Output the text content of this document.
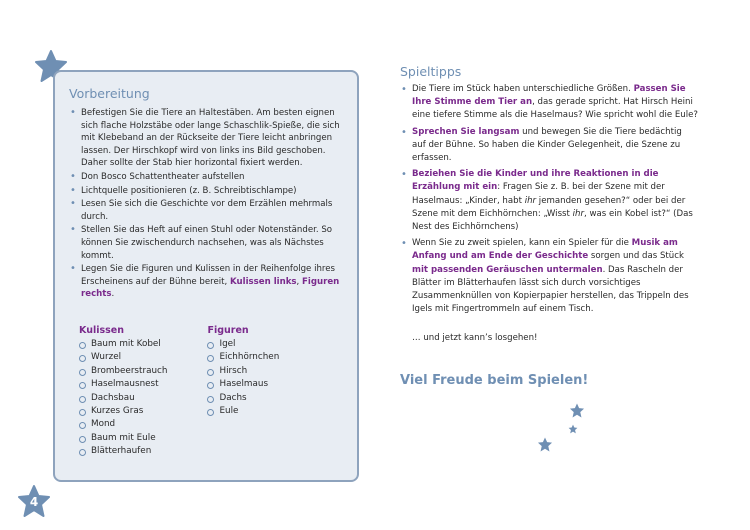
Vorbereitung
• Befestigen Sie die Tiere an Haltestäben. Am besten eignen sich flache Holzstäbe oder lange Schaschlik-Spieße, die sich mit Klebeband an der Rückseite der Tiere leicht anbringen lassen. Der Hirschkopf wird von links ins Bild geschoben. Daher sollte der Stab hier horizontal fixiert werden.
• Don Bosco Schattentheater aufstellen
• Lichtquelle positionieren (z. B. Schreibtischlampe)
• Lesen Sie sich die Geschichte vor dem Erzählen mehrmals durch.
• Stellen Sie das Heft auf einen Stuhl oder Notenständer. So können Sie zwischendurch nachsehen, was als Nächstes kommt.
• Legen Sie die Figuren und Kulissen in der Reihenfolge ihres Erscheinens auf der Bühne bereit, Kulissen links, Figuren rechts.
Kulissen
Baum mit Kobel
Wurzel
Brombeerstrauch
Haselmausnest
Dachsbau
Kurzes Gras
Mond
Baum mit Eule
Blätterhaufen
Figuren
Igel
Eichhörnchen
Hirsch
Haselmaus
Dachs
Eule
Spieltipps
• Die Tiere im Stück haben unterschiedliche Größen. Passen Sie Ihre Stimme dem Tier an, das gerade spricht. Hat Hirsch Heini eine tiefere Stimme als die Haselmaus? Wie spricht wohl die Eule?
• Sprechen Sie langsam und bewegen Sie die Tiere bedächtig auf der Bühne. So haben die Kinder Gelegenheit, die Szene zu erfassen.
• Beziehen Sie die Kinder und ihre Reaktionen in die Erzählung mit ein: Fragen Sie z. B. bei der Szene mit der Haselmaus: „Kinder, habt ihr jemanden gesehen?“ oder bei der Szene mit dem Eichhörnchen: „Wisst ihr, was ein Kobel ist?“ (Das Nest des Eichhörnchens)
• Wenn Sie zu zweit spielen, kann ein Spieler für die Musik am Anfang und am Ende der Geschichte sorgen und das Stück mit passenden Geräuschen untermalen. Das Rascheln der Blätter im Blätterhaufen lässt sich durch vorsichtiges Zusammenknüllen von Kopierpapier herstellen, das Trippeln des Igels mit Fingertrommeln auf einem Tisch.

… und jetzt kann’s losgehen!

Viel Freude beim Spielen!
4
